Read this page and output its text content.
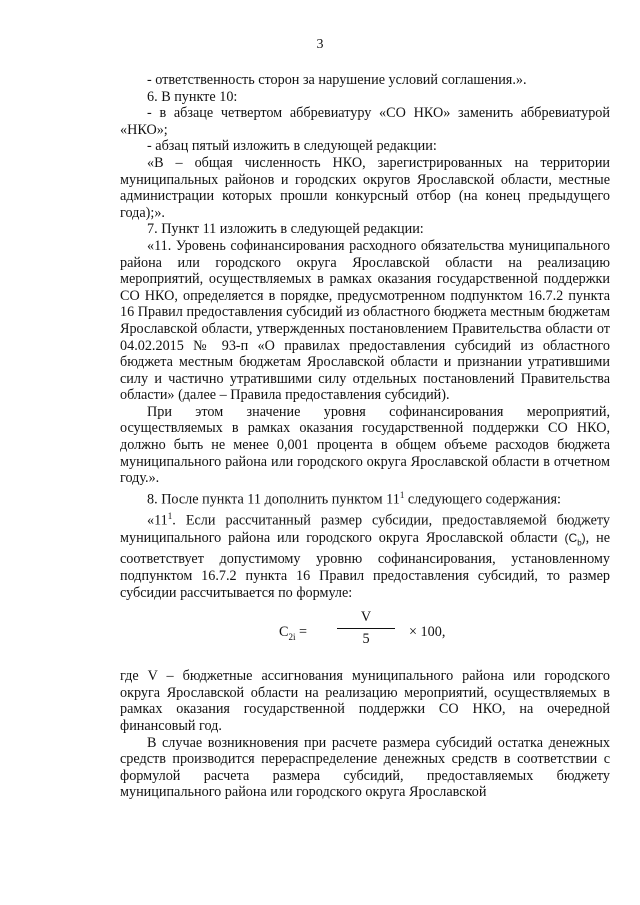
3

- ответственность сторон за нарушение условий соглашения.».

6. В пункте 10:

- в абзаце четвертом аббревиатуру «СО НКО» заменить аббревиатурой «НКО»;

- абзац пятый изложить в следующей редакции:

«В – общая численность НКО, зарегистрированных на территории муниципальных районов и городских округов Ярославской области, местные администрации которых прошли конкурсный отбор (на конец предыдущего года);».

7. Пункт 11 изложить в следующей редакции:

«11. Уровень софинансирования расходного обязательства муниципального района или городского округа Ярославской области на реализацию мероприятий, осуществляемых в рамках оказания государственной поддержки СО НКО, определяется в порядке, предусмотренном подпунктом 16.7.2 пункта 16 Правил предоставления субсидий из областного бюджета местным бюджетам Ярославской области, утвержденных постановлением Правительства области от 04.02.2015 № 93-п «О правилах предоставления субсидий из областного бюджета местным бюджетам Ярославской области и признании утратившими силу и частично утратившими силу отдельных постановлений Правительства области» (далее – Правила предоставления субсидий).

При этом значение уровня софинансирования мероприятий, осуществляемых в рамках оказания государственной поддержки СО НКО, должно быть не менее 0,001 процента в общем объеме расходов бюджета муниципального района или городского округа Ярославской области в отчетном году.».

8. После пункта 11 дополнить пунктом $11^1$ следующего содержания:

«$11^1$. Если рассчитанный размер субсидии, предоставляемой бюджету муниципального района или городского округа Ярославской области $(C_b)$, не соответствует допустимому уровню софинансирования, установленному подпунктом 16.7.2 пункта 16 Правил предоставления субсидий, то размер субсидии рассчитывается по формуле:

$C_{2i}$ =
V
5	× 100,

где V – бюджетные ассигнования муниципального района или городского округа Ярославской области на реализацию мероприятий, осуществляемых в рамках оказания государственной поддержки СО НКО, на очередной финансовый год.

В случае возникновения при расчете размера субсидий остатка денежных средств производится перераспределение денежных средств в соответствии с формулой расчета размера субсидий, предоставляемых бюджету муниципального района или городского округа Ярославской
